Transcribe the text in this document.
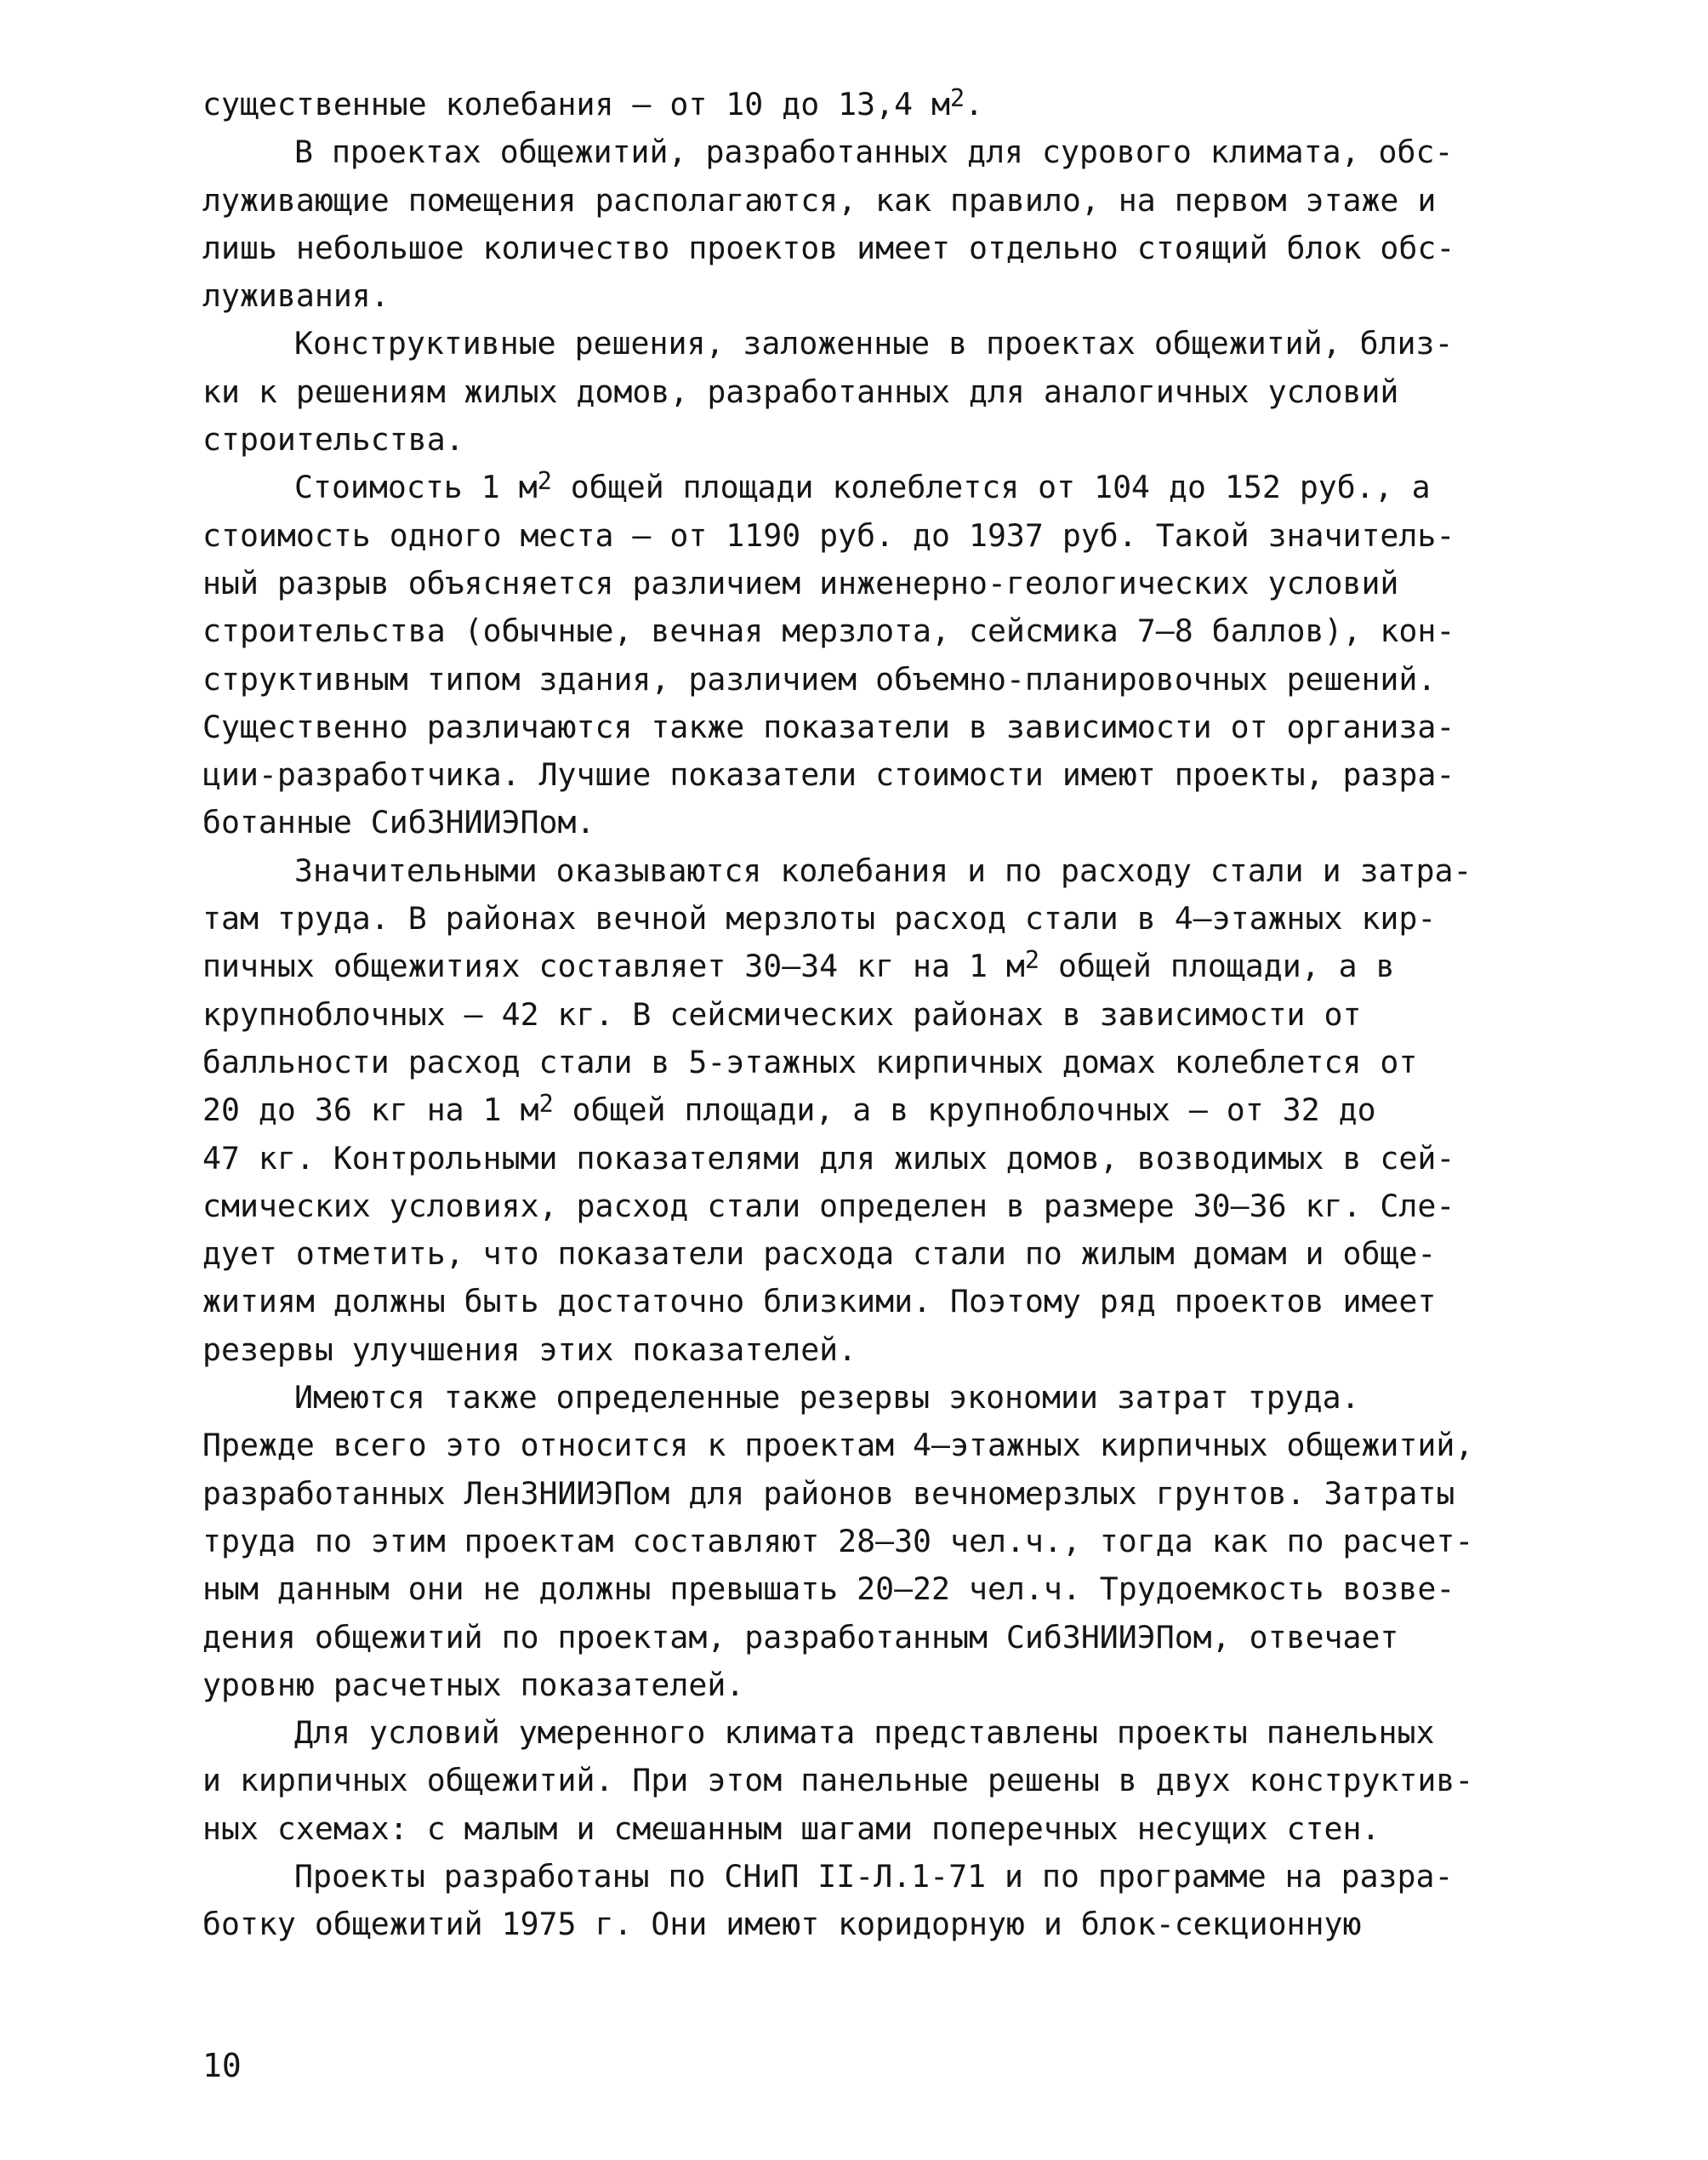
существенные колебания – от 10 до 13,4 $м^2$.
В проектах общежитий, разработанных для сурового климата, обс-
луживающие помещения располагаются, как правило, на первом этаже и
лишь небольшое количество проектов имеет отдельно стоящий блок обс-
луживания.
Конструктивные решения, заложенные в проектах общежитий, близ-
ки к решениям жилых домов, разработанных для аналогичных условий
строительства.
Стоимость 1 $м^2$ общей площади колеблется от 104 до 152 руб., а
стоимость одного места – от 1190 руб. до 1937 руб. Такой значитель-
ный разрыв объясняется различием инженерно-геологических условий
строительства (обычные, вечная мерзлота, сейсмика 7–8 баллов), кон-
структивным типом здания, различием объемно-планировочных решений.
Существенно различаются также показатели в зависимости от организа-
ции-разработчика. Лучшие показатели стоимости имеют проекты, разра-
ботанные СибЗНИИЭПом.
Значительными оказываются колебания и по расходу стали и затра-
там труда. В районах вечной мерзлоты расход стали в 4–этажных кир-
пичных общежитиях составляет 30–34 кг на 1 $м^2$ общей площади, а в
крупноблочных – 42 кг. В сейсмических районах в зависимости от
балльности расход стали в 5-этажных кирпичных домах колеблется от
20 до 36 кг на 1 $м^2$ общей площади, а в крупноблочных – от 32 до
47 кг. Контрольными показателями для жилых домов, возводимых в сей-
смических условиях, расход стали определен в размере 30–36 кг. Сле-
дует отметить, что показатели расхода стали по жилым домам и обще-
житиям должны быть достаточно близкими. Поэтому ряд проектов имеет
резервы улучшения этих показателей.
Имеются также определенные резервы экономии затрат труда.
Прежде всего это относится к проектам 4–этажных кирпичных общежитий,
разработанных ЛенЗНИИЭПом для районов вечномерзлых грунтов. Затраты
труда по этим проектам составляют 28–30 чел.ч., тогда как по расчет-
ным данным они не должны превышать 20–22 чел.ч. Трудоемкость возве-
дения общежитий по проектам, разработанным СибЗНИИЭПом, отвечает
уровню расчетных показателей.
Для условий умеренного климата представлены проекты панельных
и кирпичных общежитий. При этом панельные решены в двух конструктив-
ных схемах: с малым и смешанным шагами поперечных несущих стен.
Проекты разработаны по СНиП II-Л.1-71 и по программе на разра-
ботку общежитий 1975 г. Они имеют коридорную и блок-секционную
10
